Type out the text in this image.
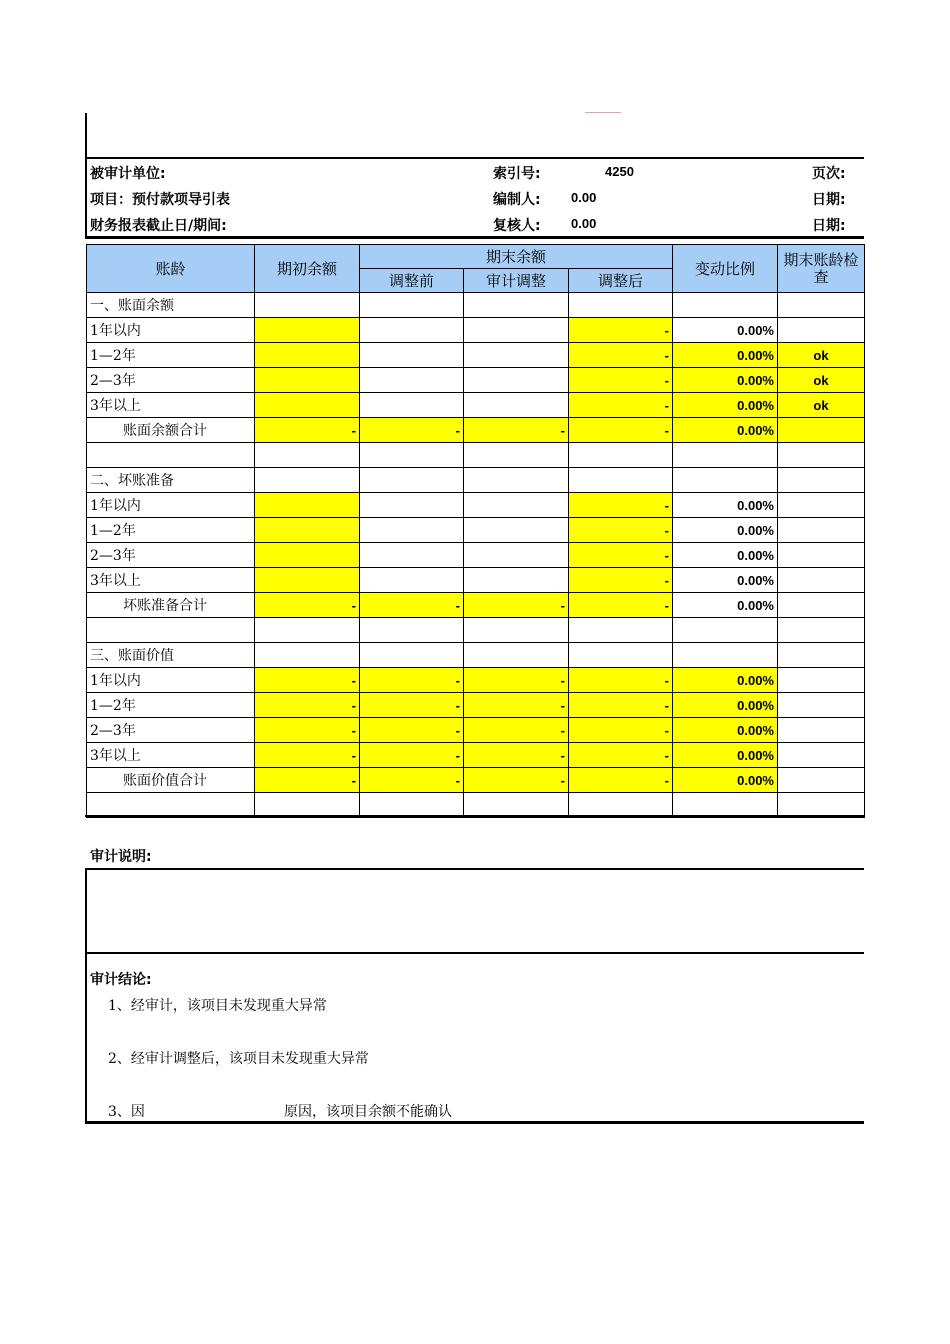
被审计单位:
项目：预付款项导引表
财务报表截止日/期间:
索引号:	4250
编制人: 0.00
复核人: 0.00
页次:
日期:
日期:
账龄	期初余额	期末余额			变动比例	期末账龄检查
		调整前	审计调整	调整后		
一、账面余额						
1年以内				-	0.00%	
1—2年				-	0.00%	ok
2—3年				-	0.00%	ok
3年以上				-	0.00%	ok
账面余额合计	-	-	-	-	0.00%	

二、坏账准备						
1年以内				-	0.00%	
1—2年				-	0.00%	
2—3年				-	0.00%	
3年以上				-	0.00%	
坏账准备合计	-	-	-	-	0.00%	

三、账面价值						
1年以内	-	-	-	-	0.00%	
1—2年	-	-	-	-	0.00%	
2—3年	-	-	-	-	0.00%	
3年以上	-	-	-	-	0.00%	
账面价值合计	-	-	-	-	0.00%	

审计说明:
审计结论:
1、经审计，该项目未发现重大异常
2、经审计调整后，该项目未发现重大异常
3、因	原因，该项目余额不能确认
